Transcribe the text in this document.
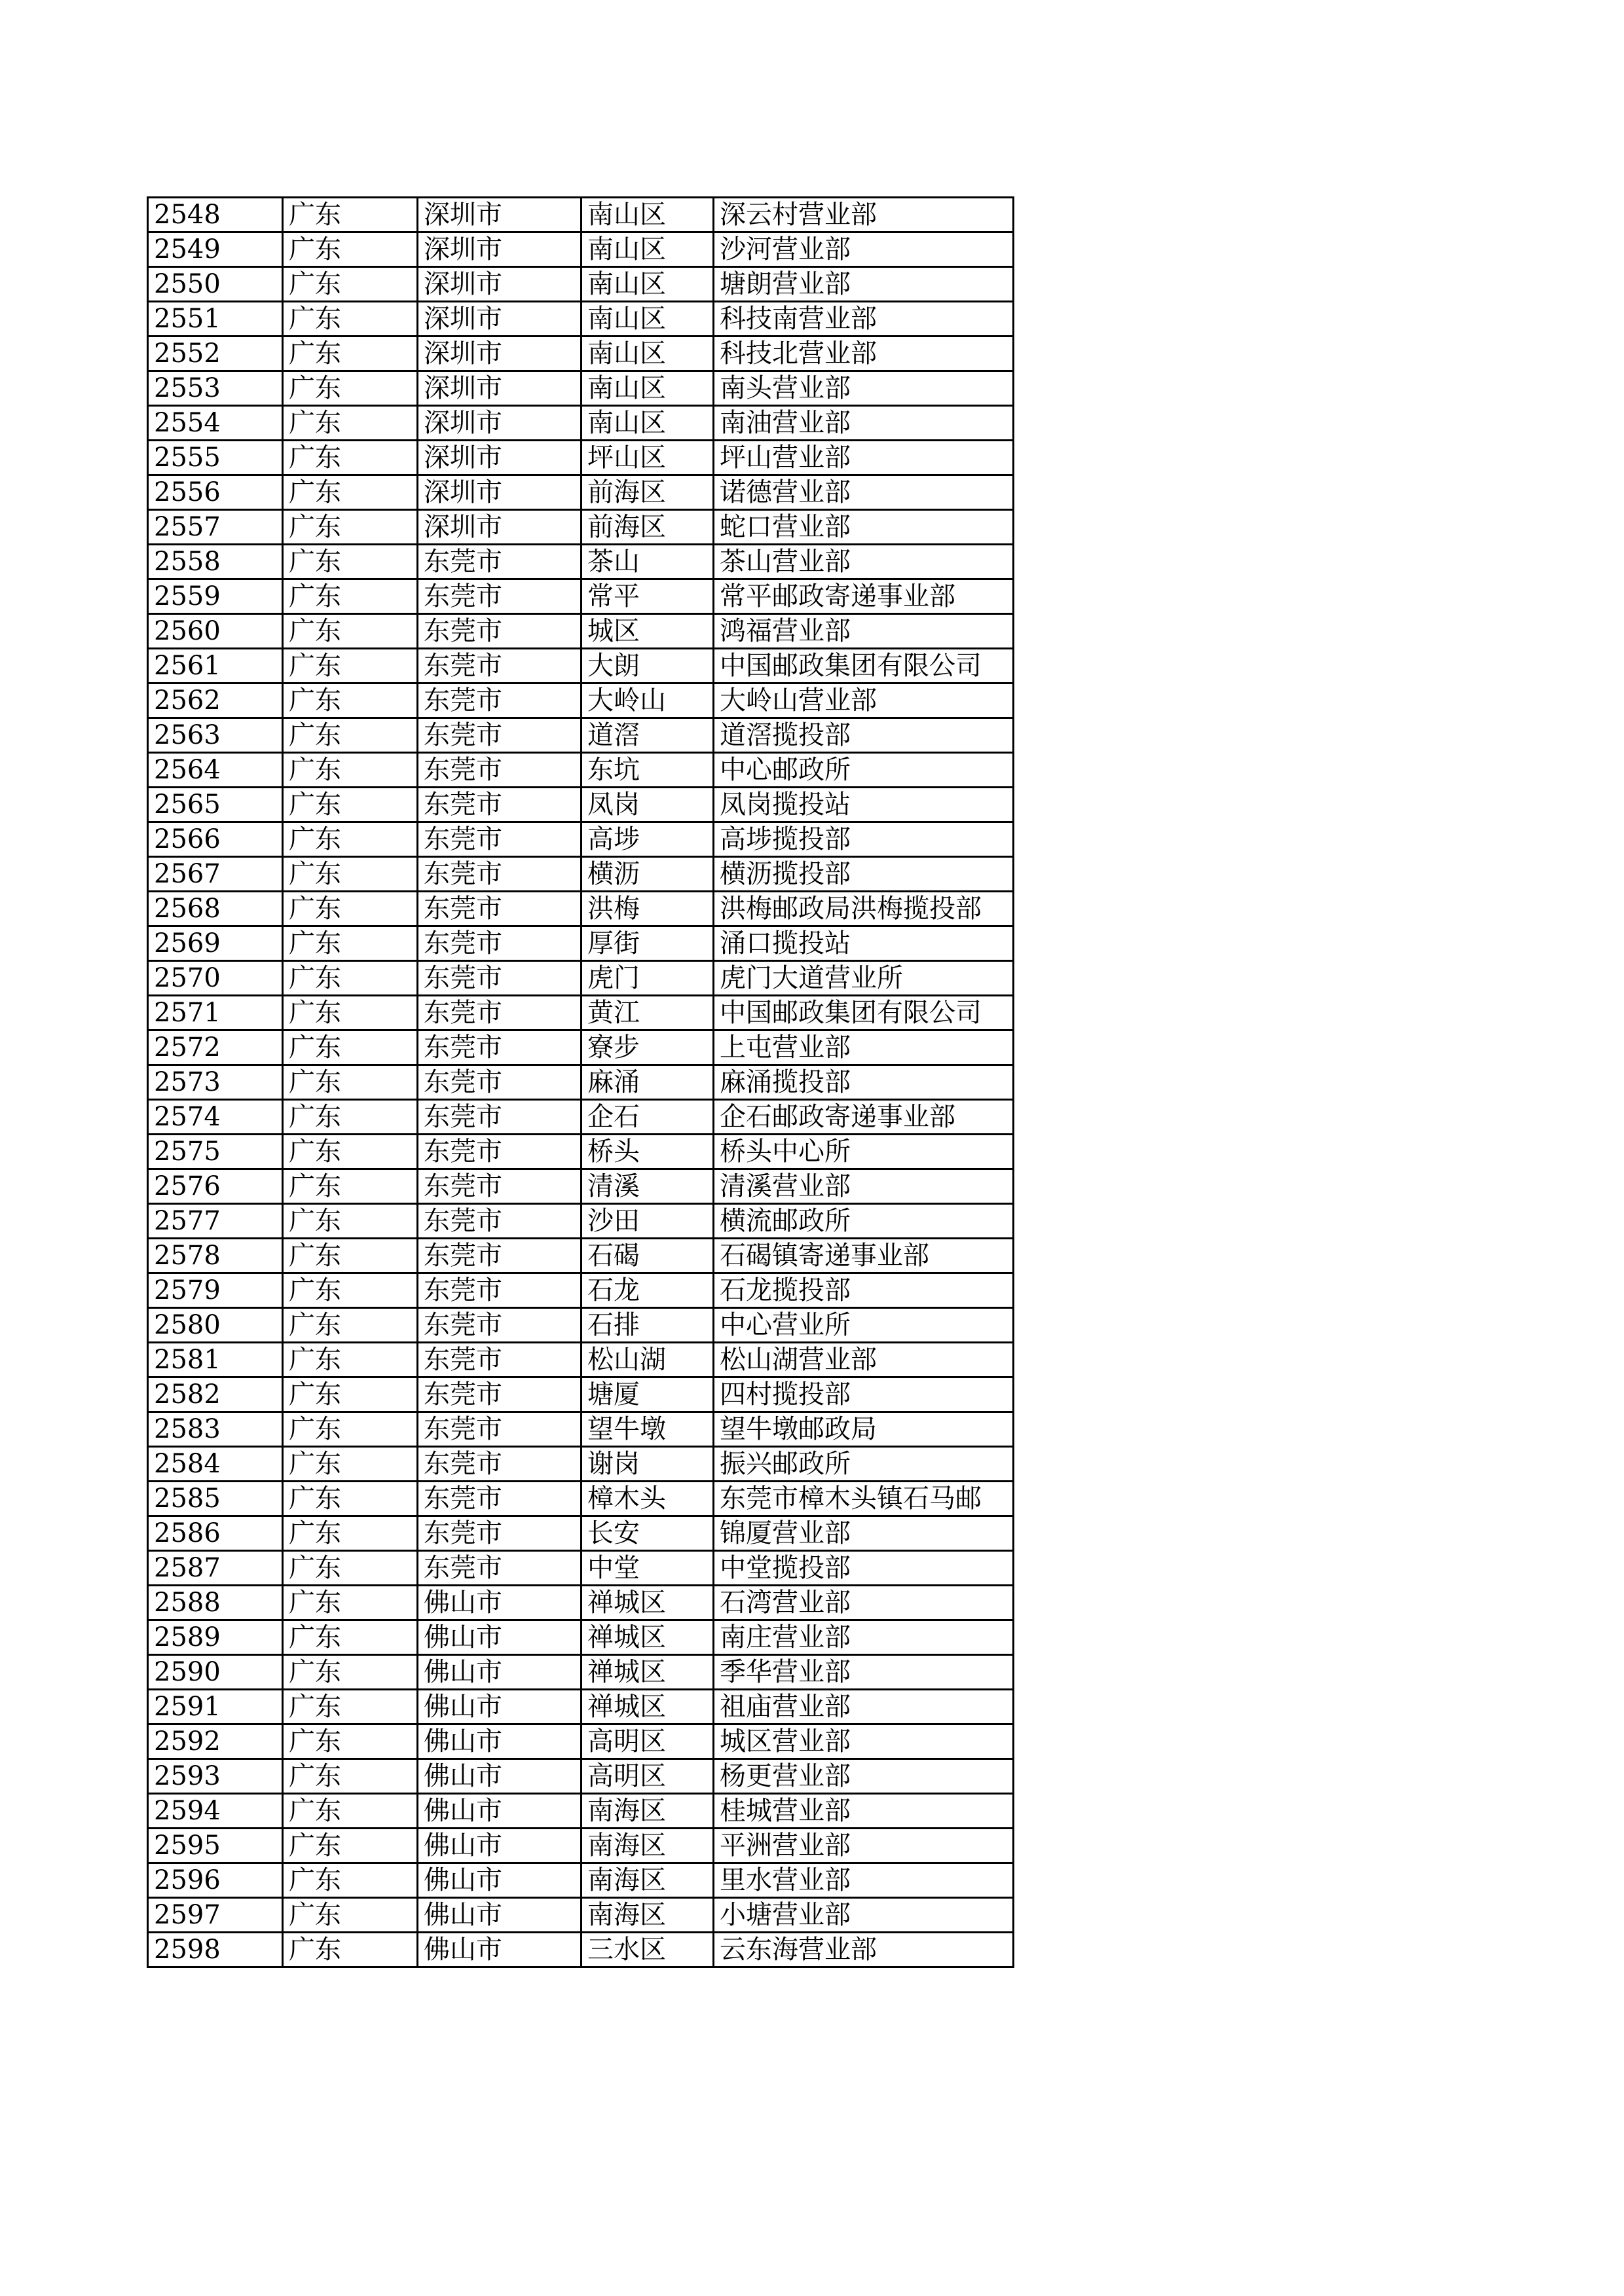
2548	广东	深圳市	南山区	深云村营业部
2549	广东	深圳市	南山区	沙河营业部
2550	广东	深圳市	南山区	塘朗营业部
2551	广东	深圳市	南山区	科技南营业部
2552	广东	深圳市	南山区	科技北营业部
2553	广东	深圳市	南山区	南头营业部
2554	广东	深圳市	南山区	南油营业部
2555	广东	深圳市	坪山区	坪山营业部
2556	广东	深圳市	前海区	诺德营业部
2557	广东	深圳市	前海区	蛇口营业部
2558	广东	东莞市	茶山	茶山营业部
2559	广东	东莞市	常平	常平邮政寄递事业部
2560	广东	东莞市	城区	鸿福营业部
2561	广东	东莞市	大朗	中国邮政集团有限公司
2562	广东	东莞市	大岭山	大岭山营业部
2563	广东	东莞市	道滘	道滘揽投部
2564	广东	东莞市	东坑	中心邮政所
2565	广东	东莞市	凤岗	凤岗揽投站
2566	广东	东莞市	高埗	高埗揽投部
2567	广东	东莞市	横沥	横沥揽投部
2568	广东	东莞市	洪梅	洪梅邮政局洪梅揽投部
2569	广东	东莞市	厚街	涌口揽投站
2570	广东	东莞市	虎门	虎门大道营业所
2571	广东	东莞市	黄江	中国邮政集团有限公司
2572	广东	东莞市	寮步	上屯营业部
2573	广东	东莞市	麻涌	麻涌揽投部
2574	广东	东莞市	企石	企石邮政寄递事业部
2575	广东	东莞市	桥头	桥头中心所
2576	广东	东莞市	清溪	清溪营业部
2577	广东	东莞市	沙田	横流邮政所
2578	广东	东莞市	石碣	石碣镇寄递事业部
2579	广东	东莞市	石龙	石龙揽投部
2580	广东	东莞市	石排	中心营业所
2581	广东	东莞市	松山湖	松山湖营业部
2582	广东	东莞市	塘厦	四村揽投部
2583	广东	东莞市	望牛墩	望牛墩邮政局
2584	广东	东莞市	谢岗	振兴邮政所
2585	广东	东莞市	樟木头	东莞市樟木头镇石马邮
2586	广东	东莞市	长安	锦厦营业部
2587	广东	东莞市	中堂	中堂揽投部
2588	广东	佛山市	禅城区	石湾营业部
2589	广东	佛山市	禅城区	南庄营业部
2590	广东	佛山市	禅城区	季华营业部
2591	广东	佛山市	禅城区	祖庙营业部
2592	广东	佛山市	高明区	城区营业部
2593	广东	佛山市	高明区	杨更营业部
2594	广东	佛山市	南海区	桂城营业部
2595	广东	佛山市	南海区	平洲营业部
2596	广东	佛山市	南海区	里水营业部
2597	广东	佛山市	南海区	小塘营业部
2598	广东	佛山市	三水区	云东海营业部
